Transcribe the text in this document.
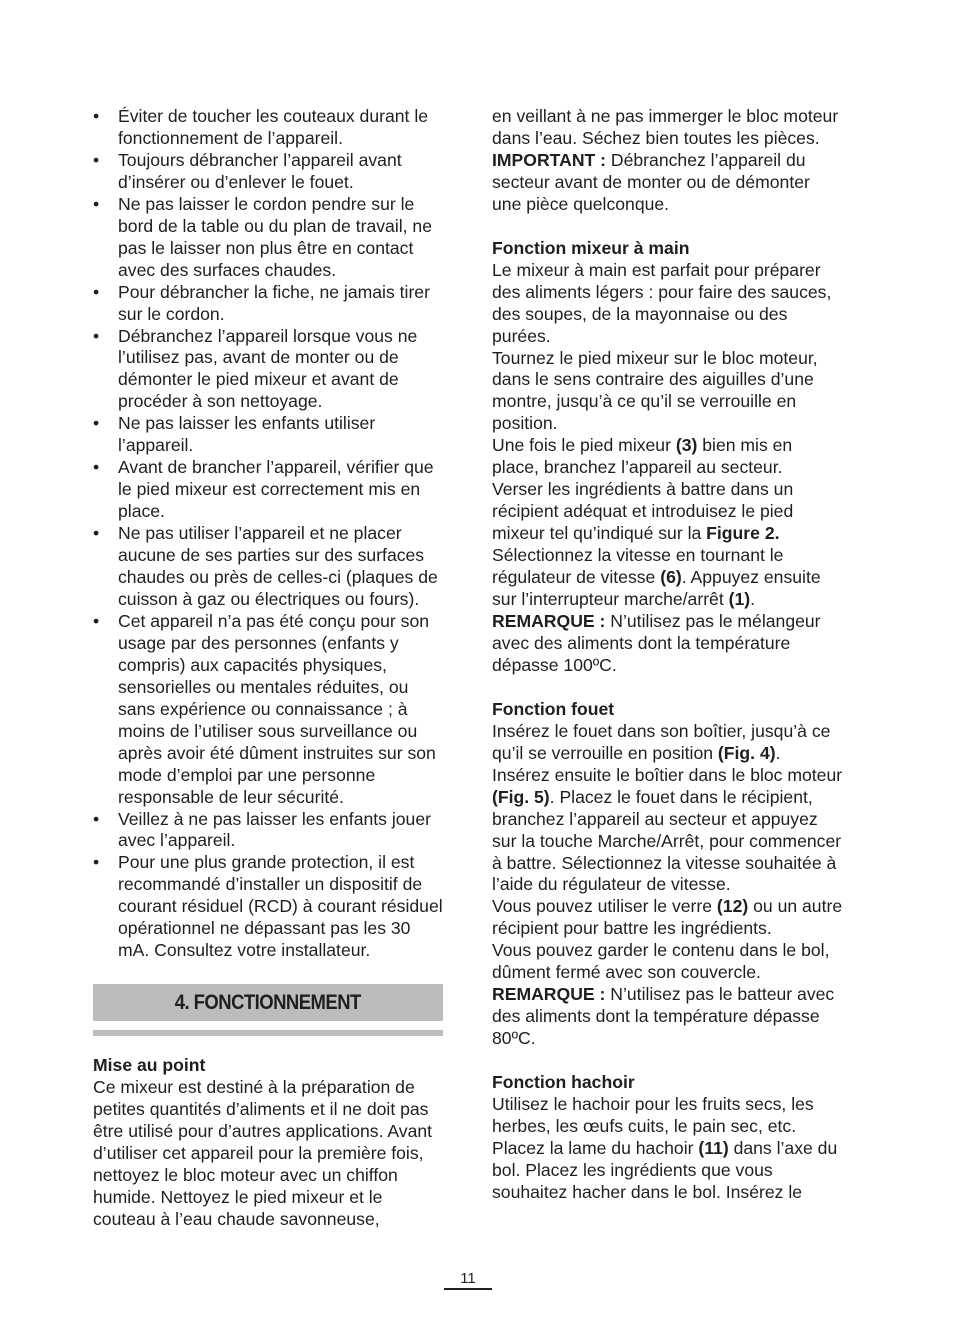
• Éviter de toucher les couteaux durant le fonctionnement de l’appareil.
• Toujours débrancher l’appareil avant d’insérer ou d’enlever le fouet.
• Ne pas laisser le cordon pendre sur le bord de la table ou du plan de travail, ne pas le laisser non plus être en contact avec des surfaces chaudes.
• Pour débrancher la fiche, ne jamais tirer sur le cordon.
• Débranchez l’appareil lorsque vous ne l’utilisez pas, avant de monter ou de démonter le pied mixeur et avant de procéder à son nettoyage.
• Ne pas laisser les enfants utiliser l’appareil.
• Avant de brancher l’appareil, vérifier que le pied mixeur est correctement mis en place.
• Ne pas utiliser l’appareil et ne placer aucune de ses parties sur des surfaces chaudes ou près de celles-ci (plaques de cuisson à gaz ou électriques ou fours).
• Cet appareil n’a pas été conçu pour son usage par des personnes (enfants y compris) aux capacités physiques, sensorielles ou mentales réduites, ou sans expérience ou connaissance ; à moins de l’utiliser sous surveillance ou après avoir été dûment instruites sur son mode d’emploi par une personne responsable de leur sécurité.
• Veillez à ne pas laisser les enfants jouer avec l’appareil.
• Pour une plus grande protection, il est recommandé d’installer un dispositif de courant résiduel (RCD) à courant résiduel opérationnel ne dépassant pas les 30 mA. Consultez votre installateur.
4. FONCTIONNEMENT
Mise au point

Ce mixeur est destiné à la préparation de petites quantités d’aliments et il ne doit pas être utilisé pour d’autres applications. Avant d’utiliser cet appareil pour la première fois, nettoyez le bloc moteur avec un chiffon humide. Nettoyez le pied mixeur et le couteau à l’eau chaude savonneuse,

en veillant à ne pas immerger le bloc moteur dans l’eau. Séchez bien toutes les pièces.

IMPORTANT : Débranchez l’appareil du secteur avant de monter ou de démonter une pièce quelconque.

Fonction mixeur à main

Le mixeur à main est parfait pour préparer des aliments légers : pour faire des sauces, des soupes, de la mayonnaise ou des purées.

Tournez le pied mixeur sur le bloc moteur, dans le sens contraire des aiguilles d’une montre, jusqu’à ce qu’il se verrouille en position.

Une fois le pied mixeur (3) bien mis en place, branchez l’appareil au secteur.

Verser les ingrédients à battre dans un récipient adéquat et introduisez le pied mixeur tel qu’indiqué sur la Figure 2.

Sélectionnez la vitesse en tournant le régulateur de vitesse (6). Appuyez ensuite sur l’interrupteur marche/arrêt (1).

REMARQUE : N’utilisez pas le mélangeur avec des aliments dont la température dépasse 100ºC.

Fonction fouet

Insérez le fouet dans son boîtier, jusqu’à ce qu’il se verrouille en position (Fig. 4).

Insérez ensuite le boîtier dans le bloc moteur (Fig. 5). Placez le fouet dans le récipient, branchez l’appareil au secteur et appuyez sur la touche Marche/Arrêt, pour commencer à battre. Sélectionnez la vitesse souhaitée à l’aide du régulateur de vitesse.

Vous pouvez utiliser le verre (12) ou un autre récipient pour battre les ingrédients.

Vous pouvez garder le contenu dans le bol, dûment fermé avec son couvercle.

REMARQUE : N’utilisez pas le batteur avec des aliments dont la température dépasse 80ºC.

Fonction hachoir

Utilisez le hachoir pour les fruits secs, les herbes, les œufs cuits, le pain sec, etc.

Placez la lame du hachoir (11) dans l’axe du bol. Placez les ingrédients que vous souhaitez hacher dans le bol. Insérez le

11
